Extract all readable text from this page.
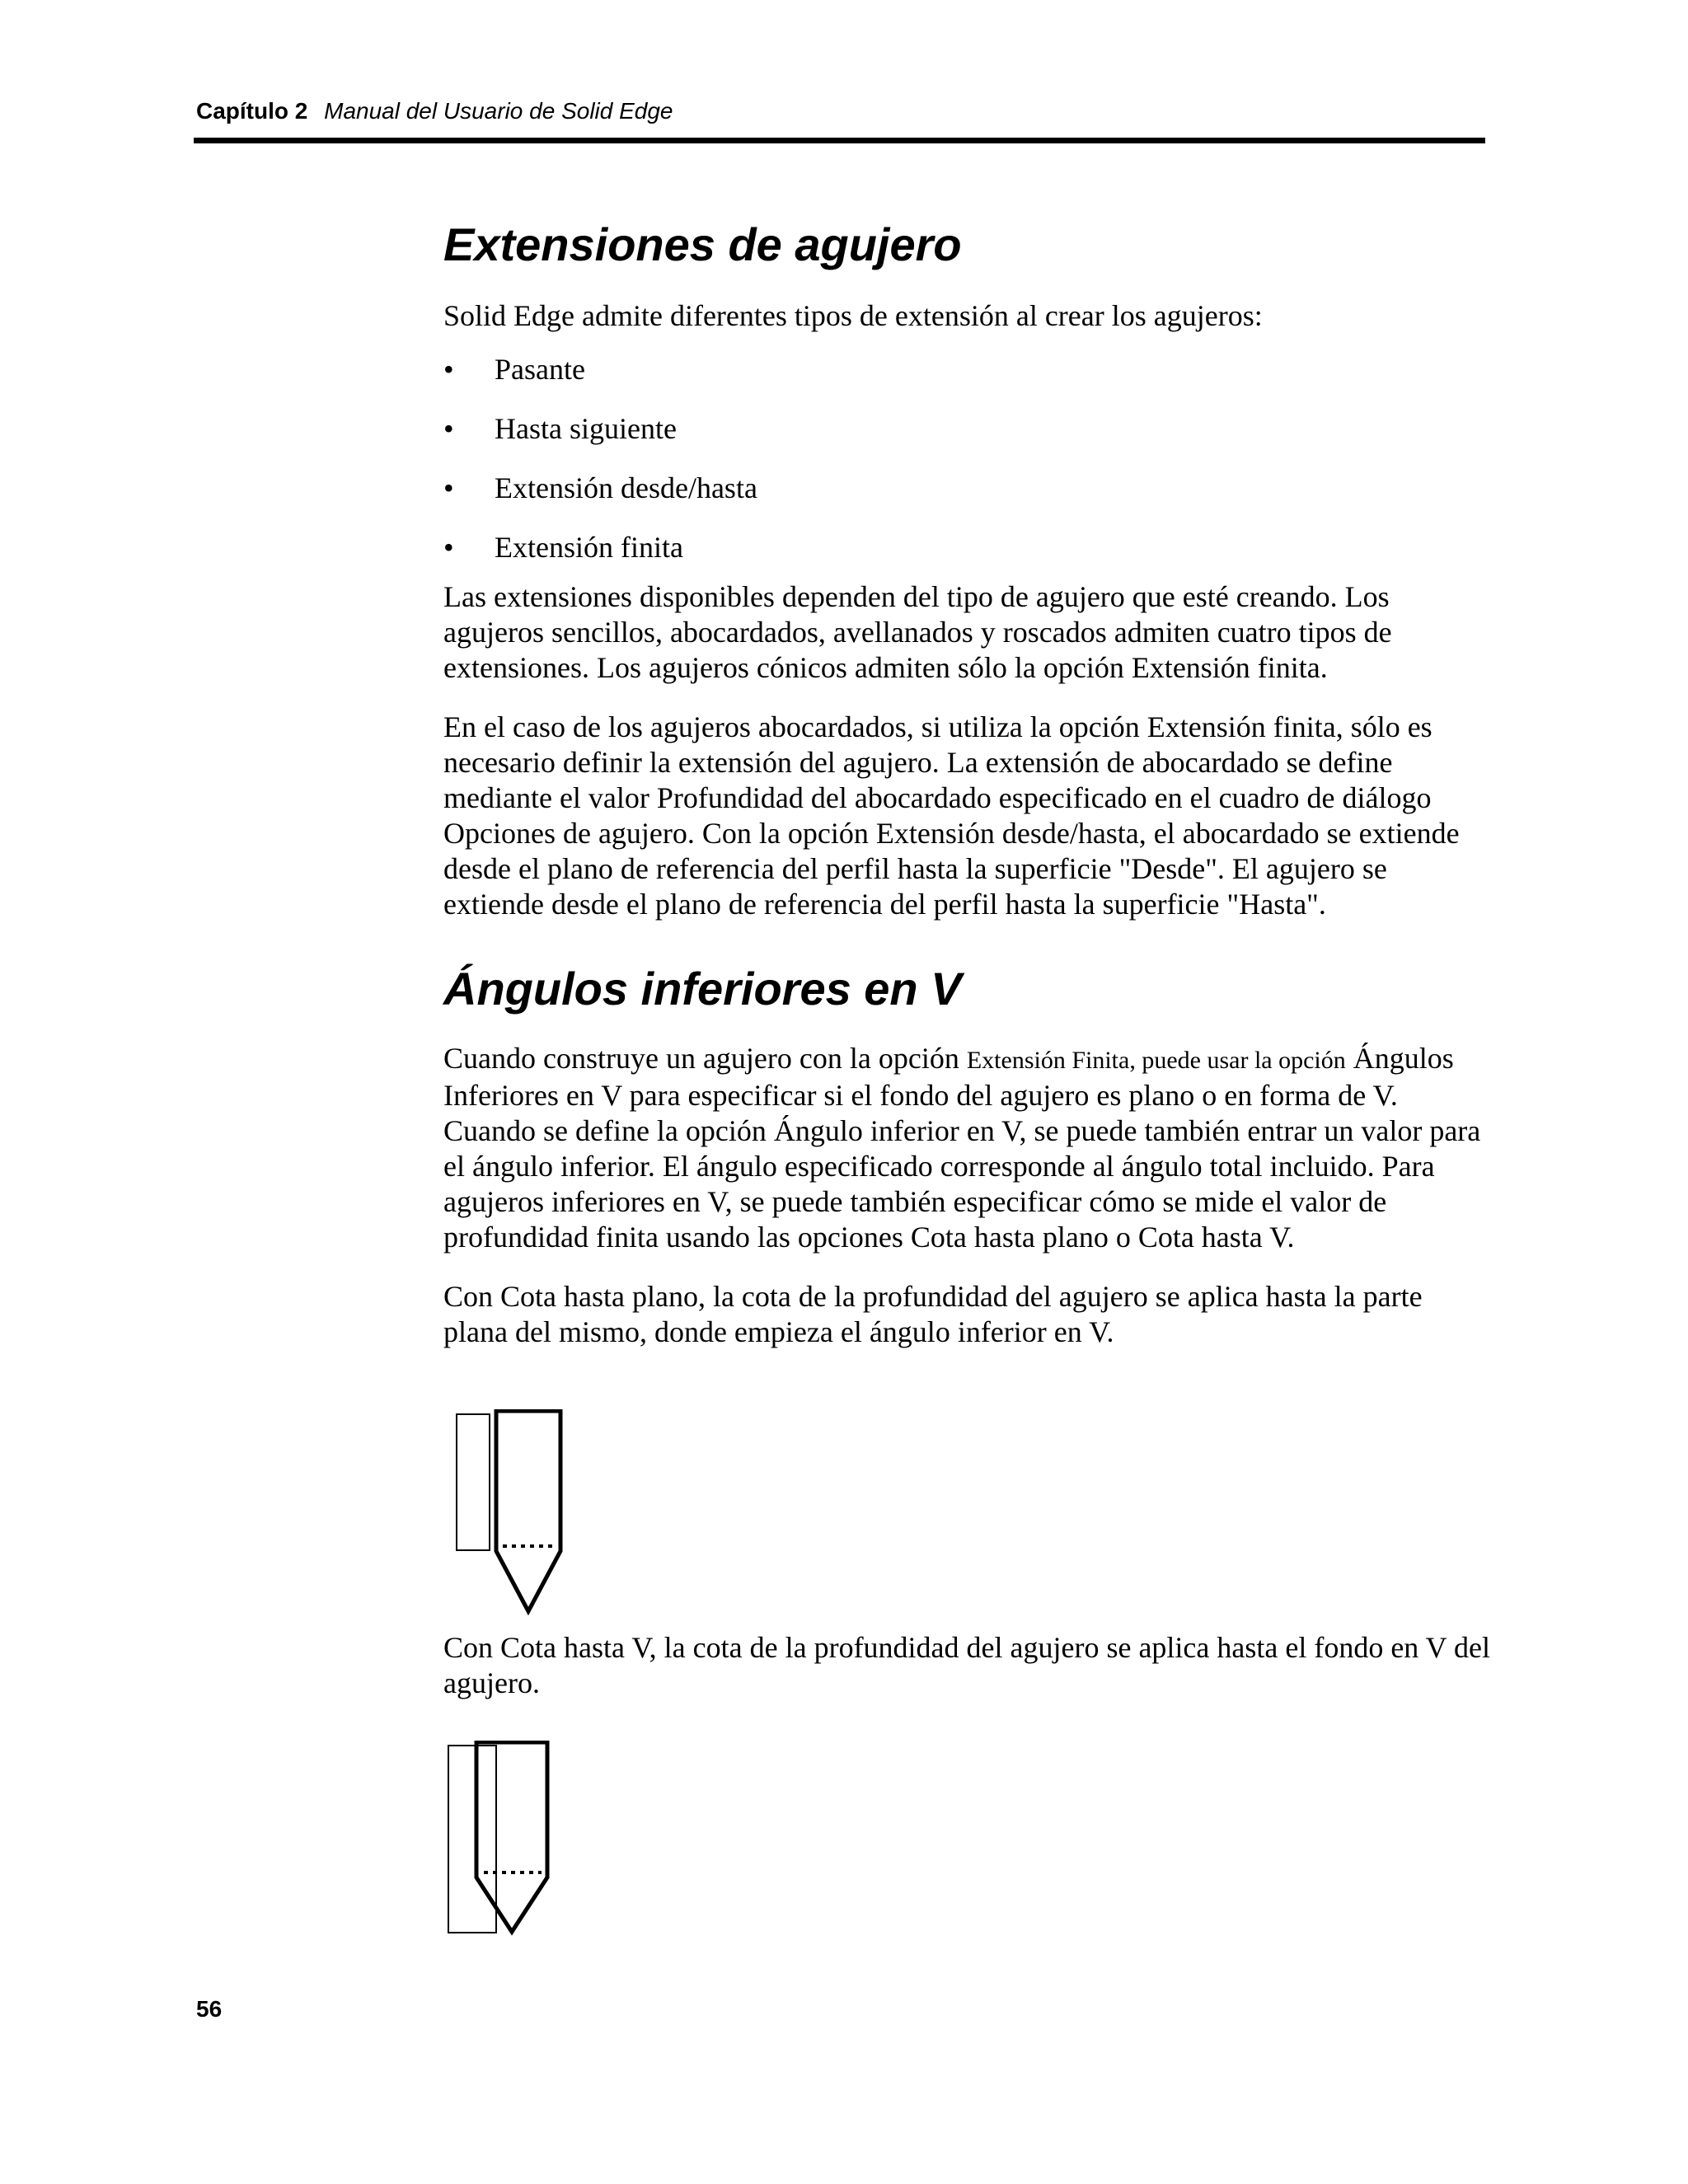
Capítulo 2 Manual del Usuario de Solid Edge
Extensiones de agujero

Solid Edge admite diferentes tipos de extensión al crear los agujeros:

• Pasante
• Hasta siguiente
• Extensión desde/hasta
• Extensión finita

Las extensiones disponibles dependen del tipo de agujero que esté creando. Los agujeros sencillos, abocardados, avellanados y roscados admiten cuatro tipos de extensiones. Los agujeros cónicos admiten sólo la opción Extensión finita.

En el caso de los agujeros abocardados, si utiliza la opción Extensión finita, sólo es necesario definir la extensión del agujero. La extensión de abocardado se define mediante el valor Profundidad del abocardado especificado en el cuadro de diálogo Opciones de agujero. Con la opción Extensión desde/hasta, el abocardado se extiende desde el plano de referencia del perfil hasta la superficie "Desde". El agujero se extiende desde el plano de referencia del perfil hasta la superficie "Hasta".

Ángulos inferiores en V

Cuando construye un agujero con la opción Extensión Finita, puede usar la opción Ángulos Inferiores en V para especificar si el fondo del agujero es plano o en forma de V. Cuando se define la opción Ángulo inferior en V, se puede también entrar un valor para el ángulo inferior. El ángulo especificado corresponde al ángulo total incluido. Para agujeros inferiores en V, se puede también especificar cómo se mide el valor de profundidad finita usando las opciones Cota hasta plano o Cota hasta V.

Con Cota hasta plano, la cota de la profundidad del agujero se aplica hasta la parte plana del mismo, donde empieza el ángulo inferior en V.

Con Cota hasta V, la cota de la profundidad del agujero se aplica hasta el fondo en V del agujero.

56
